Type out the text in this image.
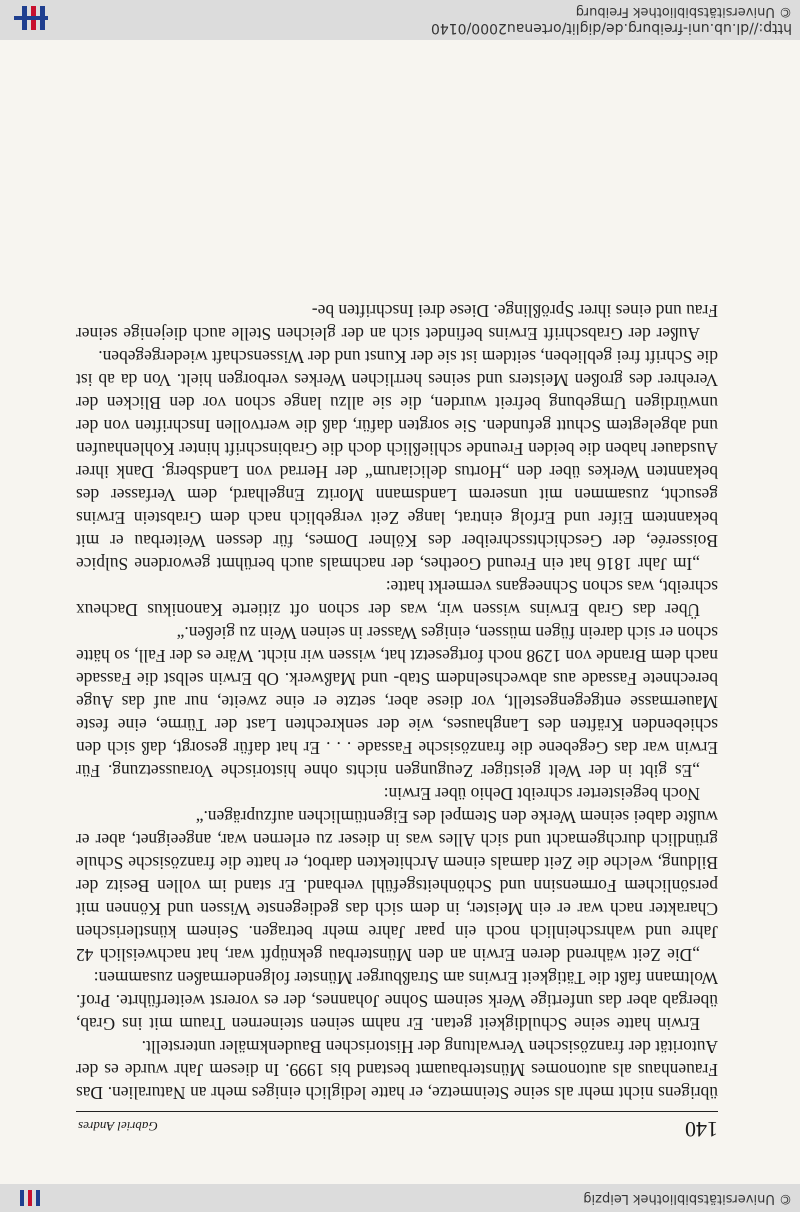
© Universitätsbibliothek Leipzig
140
Gabriel Andres

übrigens nicht mehr als seine Steinmetze, er hatte lediglich einiges mehr an Naturalien. Das Frauenhaus als autonomes Münsterbauamt bestand bis 1999. In diesem Jahr wurde es der Autorität der französischen Verwaltung der Historischen Baudenkmäler unterstellt.

Erwin hatte seine Schuldigkeit getan. Er nahm seinen steinernen Traum mit ins Grab, übergab aber das unfertige Werk seinem Sohne Johannes, der es vorerst weiterführte. Prof. Woltmann faßt die Tätigkeit Erwins am Straßburger Münster folgendermaßen zusammen:

„Die Zeit während deren Erwin an den Münsterbau geknüpft war, hat nachweislich 42 Jahre und wahrscheinlich noch ein paar Jahre mehr betragen. Seinem künstlerischen Charakter nach war er ein Meister, in dem sich das gediegenste Wissen und Können mit persönlichem Formensinn und Schönheitsgefühl verband. Er stand im vollen Besitz der Bildung, welche die Zeit damals einem Architekten darbot, er hatte die französische Schule gründlich durchgemacht und sich Alles was in dieser zu erlernen war, angeeignet, aber er wußte dabei seinem Werke den Stempel des Eigentümlichen aufzuprägen.“

Noch begeisterter schreibt Dehio über Erwin:

„Es gibt in der Welt geistiger Zeugungen nichts ohne historische Voraussetzung. Für Erwin war das Gegebene die französische Fassade . . . Er hat dafür gesorgt, daß sich den schiebenden Kräften des Langhauses, wie der senkrechten Last der Türme, eine feste Mauermasse entgegengestellt, vor diese aber, setzte er eine zweite, nur auf das Auge berechnete Fassade aus abwechselndem Stab- und Maßwerk. Ob Erwin selbst die Fassade nach dem Brande von 1298 noch fortgesetzt hat, wissen wir nicht. Wäre es der Fall, so hätte schon er sich darein fügen müssen, einiges Wasser in seinen Wein zu gießen.“

Über das Grab Erwins wissen wir, was der schon oft zitierte Kanonikus Dacheux schreibt, was schon Schneegans vermerkt hatte:

„Im Jahr 1816 hat ein Freund Goethes, der nachmals auch berühmt gewordene Sulpice Boisserée, der Geschichtsschreiber des Kölner Domes, für dessen Weiterbau er mit bekanntem Eifer und Erfolg eintrat, lange Zeit vergeblich nach dem Grabstein Erwins gesucht, zusammen mit unserem Landsmann Moritz Engelhard, dem Verfasser des bekannten Werkes über den „Hortus deliciarum“ der Herrad von Landsberg. Dank ihrer Ausdauer haben die beiden Freunde schließlich doch die Grabinschrift hinter Kohlenhaufen und abgelegtem Schutt gefunden. Sie sorgten dafür, daß die wertvollen Inschriften von der unwürdigen Umgebung befreit wurden, die sie allzu lange schon vor den Blicken der Verehrer des großen Meisters und seines herrlichen Werkes verborgen hielt. Von da ab ist die Schrift frei geblieben, seitdem ist sie der Kunst und der Wissenschaft wiedergegeben.

Außer der Grabschrift Erwins befindet sich an der gleichen Stelle auch diejenige seiner Frau und eines ihrer Sprößlinge. Diese drei Inschriften be-

http://dl.ub.uni-freiburg.de/diglit/ortenau2000/0140
© Universitätsbibliothek Freiburg
